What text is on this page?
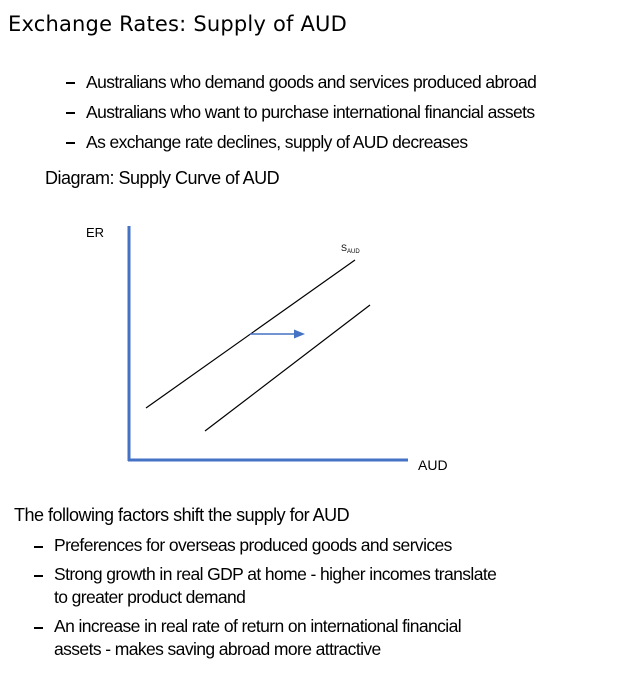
Exchange Rates: Supply of AUD
Australians who demand goods and services produced abroad
Australians who want to purchase international financial assets
As exchange rate declines, supply of AUD decreases
Diagram: Supply Curve of AUD
ER
AUD
$S_{AUD}$
The following factors shift the supply for AUD
Preferences for overseas produced goods and services
Strong growth in real GDP at home - higher incomes translate
to greater product demand
An increase in real rate of return on international financial
assets - makes saving abroad more attractive
